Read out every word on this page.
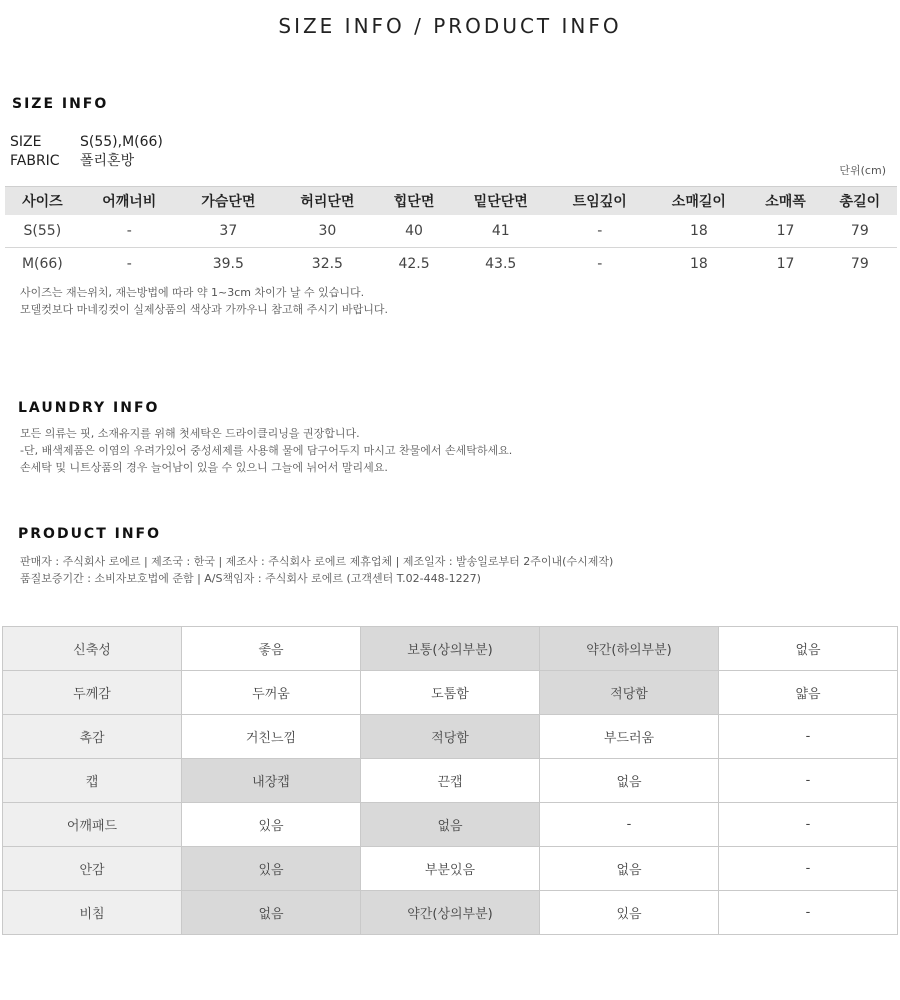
SIZE INFO / PRODUCT INFO
SIZE INFO
SIZE	S(55),M(66)
FABRIC 폴리혼방
단위(cm)
사이즈	어깨너비	가슴단면	허리단면	힙단면	밑단단면	트임깊이	소매길이	소매폭	총길이
S(55)	-	37	30	40	41	-	18	17	79
M(66)	-	39.5	32.5	42.5	43.5	-	18	17	79
사이즈는 재는위치, 재는방법에 따라 약 1~3cm 차이가 날 수 있습니다.
모델컷보다 마네킹컷이 실제상품의 색상과 가까우니 참고해 주시기 바랍니다.
LAUNDRY INFO
모든 의류는 핏, 소재유지를 위해 첫세탁은 드라이클리닝을 권장합니다.
-단, 배색제품은 이염의 우려가있어 중성세제를 사용해 물에 담구어두지 마시고 찬물에서 손세탁하세요.
손세탁 및 니트상품의 경우 늘어남이 있을 수 있으니 그늘에 뉘어서 말리세요.
PRODUCT INFO
판매자 : 주식회사 로에르 | 제조국 : 한국 | 제조사 : 주식회사 로에르 제휴업체 | 제조일자 : 발송일로부터 2주이내(수시제작)
품질보증기간 : 소비자보호법에 준함 | A/S책임자 : 주식회사 로에르 (고객센터 T.02-448-1227)
신축성	좋음	보통(상의부분)	약간(하의부분)	없음
두께감	두꺼움	도톰함	적당함	얇음
촉감	거친느낌	적당함	부드러움	-
캡	내장캡	끈캡	없음	-
어깨패드	있음	없음	-	-
안감	있음	부분있음	없음	-
비침	없음	약간(상의부분)	있음	-
